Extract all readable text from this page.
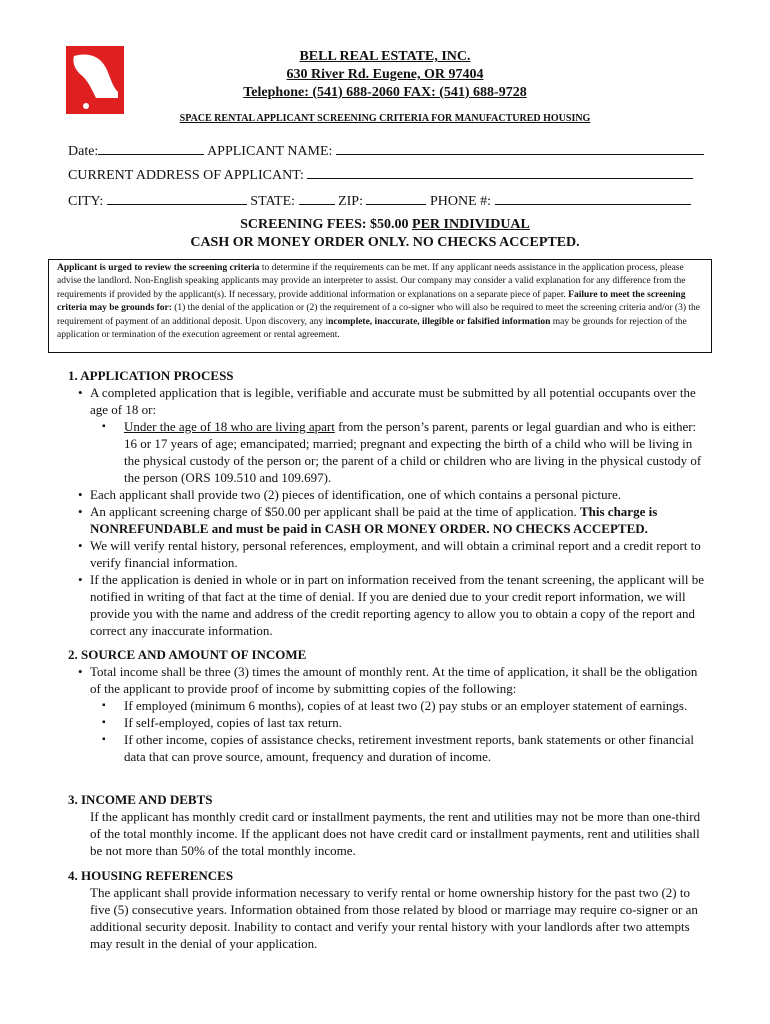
BELL REAL ESTATE, INC.
630 River Rd. Eugene, OR 97404
Telephone: (541) 688-2060 FAX: (541) 688-9728
SPACE RENTAL APPLICANT SCREENING CRITERIA FOR MANUFACTURED HOUSING
Date:	APPLICANT NAME:
CURRENT ADDRESS OF APPLICANT:
CITY:	STATE:	ZIP:	PHONE #:
SCREENING FEES: $50.00 PER INDIVIDUAL
CASH OR MONEY ORDER ONLY. NO CHECKS ACCEPTED.
Applicant is urged to review the screening criteria to determine if the requirements can be met. If any applicant needs assistance in the application process, please advise the landlord. Non-English speaking applicants may provide an interpreter to assist. Our company may consider a valid explanation for any difference from the requirements if provided by the applicant(s). If necessary, provide additional information or explanations on a separate piece of paper. Failure to meet the screening criteria may be grounds for: (1) the denial of the application or (2) the requirement of a co-signer who will also be required to meet the screening criteria and/or (3) the requirement of payment of an additional deposit. Upon discovery, any incomplete, inaccurate, illegible or falsified information may be grounds for rejection of the application or termination of the execution agreement or rental agreement.
1. APPLICATION PROCESS
• A completed application that is legible, verifiable and accurate must be submitted by all potential occupants over the age of 18 or:
▪ Under the age of 18 who are living apart from the person’s parent, parents or legal guardian and who is either: 16 or 17 years of age; emancipated; married; pregnant and expecting the birth of a child who will be living in the physical custody of the person or; the parent of a child or children who are living in the physical custody of the person (ORS 109.510 and 109.697).
• Each applicant shall provide two (2) pieces of identification, one of which contains a personal picture.
• An applicant screening charge of $50.00 per applicant shall be paid at the time of application. This charge is NONREFUNDABLE and must be paid in CASH OR MONEY ORDER. NO CHECKS ACCEPTED.
• We will verify rental history, personal references, employment, and will obtain a criminal report and a credit report to verify financial information.
• If the application is denied in whole or in part on information received from the tenant screening, the applicant will be notified in writing of that fact at the time of denial. If you are denied due to your credit report information, we will provide you with the name and address of the credit reporting agency to allow you to obtain a copy of the report and correct any inaccurate information.
2. SOURCE AND AMOUNT OF INCOME
• Total income shall be three (3) times the amount of monthly rent. At the time of application, it shall be the obligation of the applicant to provide proof of income by submitting copies of the following:
▪ If employed (minimum 6 months), copies of at least two (2) pay stubs or an employer statement of earnings.
▪ If self-employed, copies of last tax return.
▪ If other income, copies of assistance checks, retirement investment reports, bank statements or other financial data that can prove source, amount, frequency and duration of income.
3. INCOME AND DEBTS
If the applicant has monthly credit card or installment payments, the rent and utilities may not be more than one-third of the total monthly income. If the applicant does not have credit card or installment payments, rent and utilities shall be not more than 50% of the total monthly income.
4. HOUSING REFERENCES
The applicant shall provide information necessary to verify rental or home ownership history for the past two (2) to five (5) consecutive years. Information obtained from those related by blood or marriage may require co-signer or an additional security deposit. Inability to contact and verify your rental history with your landlords after two attempts may result in the denial of your application.
